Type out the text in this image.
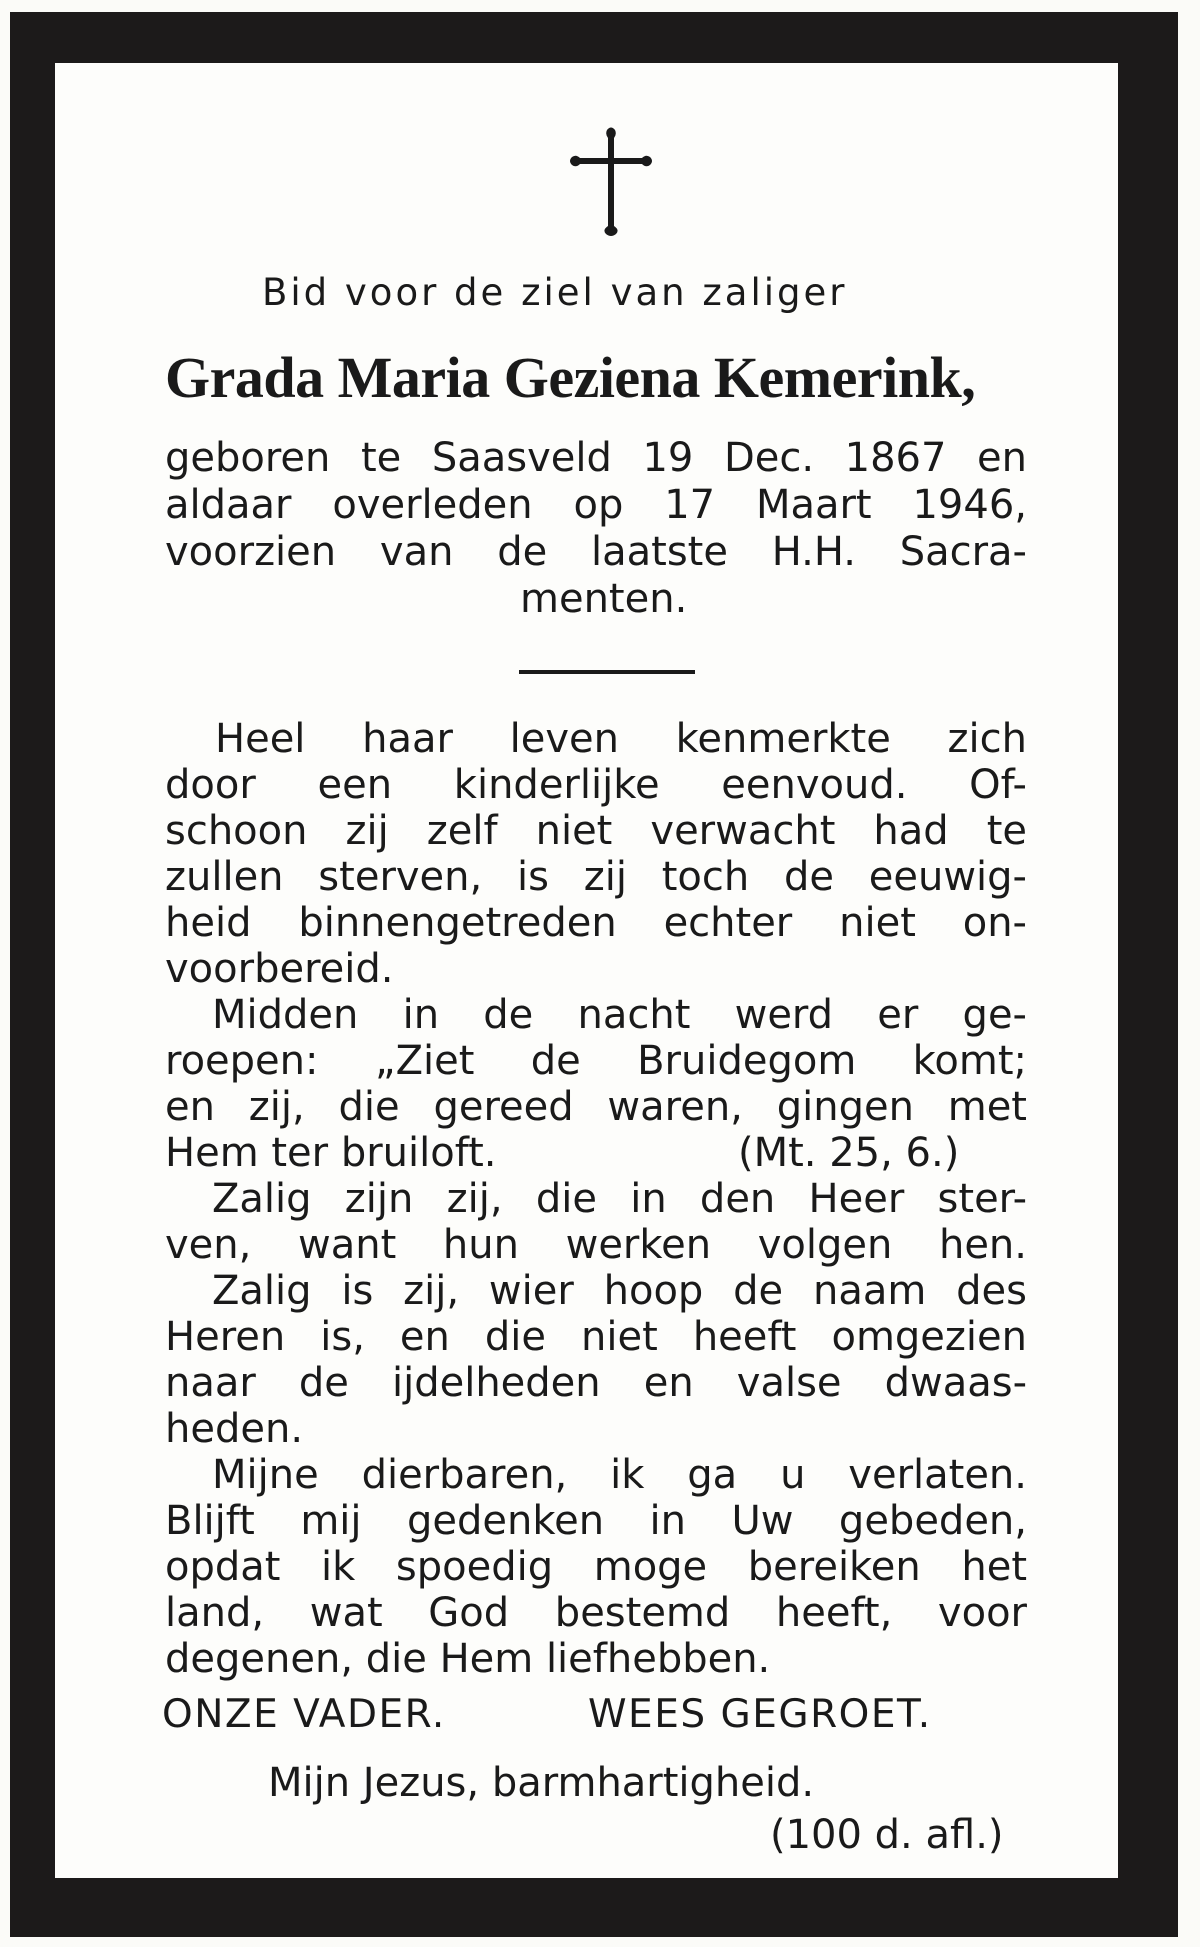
Bid voor de ziel van zaliger
Grada Maria Geziena Kemerink,
geboren te Saasveld 19 Dec. 1867 en
aldaar overleden op 17 Maart 1946,
voorzien van de laatste H.H. Sacra-
menten.
Heel haar leven kenmerkte zich
door een kinderlijke eenvoud. Of-
schoon zij zelf niet verwacht had te
zullen sterven, is zij toch de eeuwig-
heid binnengetreden echter niet on-
voorbereid.
Midden in de nacht werd er ge-
roepen: „Ziet de Bruidegom komt;
en zij, die gereed waren, gingen met
Hem ter bruiloft.	(Mt. 25, 6.)
Zalig zijn zij, die in den Heer ster-
ven, want hun werken volgen hen.
Zalig is zij, wier hoop de naam des
Heren is, en die niet heeft omgezien
naar de ijdelheden en valse dwaas-
heden.
Mijne dierbaren, ik ga u verlaten.
Blijft mij gedenken in Uw gebeden,
opdat ik spoedig moge bereiken het
land, wat God bestemd heeft, voor
degenen, die Hem liefhebben.
ONZE VADER.	WEES GEGROET.
Mijn Jezus, barmhartigheid.
(100 d. afl.)
